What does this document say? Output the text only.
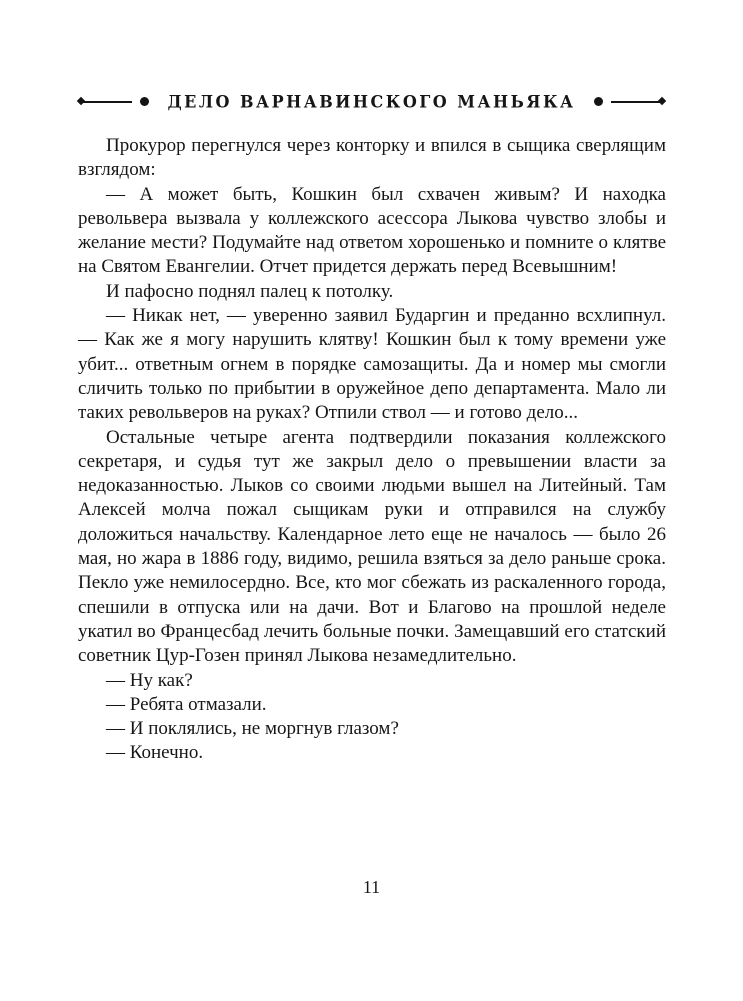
ДЕЛО ВАРНАВИНСКОГО МАНЬЯКА

Прокурор перегнулся через конторку и впился в сыщика сверлящим взглядом:

— А может быть, Кошкин был схвачен живым? И находка револьвера вызвала у коллежского асессора Лыкова чувство злобы и желание мести? Подумайте над ответом хорошенько и помните о клятве на Святом Евангелии. Отчет придется держать перед Всевышним!

И пафосно поднял палец к потолку.

— Никак нет, — уверенно заявил Бударгин и преданно всхлипнул. — Как же я могу нарушить клятву! Кошкин был к тому времени уже убит... ответным огнем в порядке самозащиты. Да и номер мы смогли сличить только по прибытии в оружейное депо департамента. Мало ли таких револьверов на руках? Отпили ствол — и готово дело...

Остальные четыре агента подтвердили показания коллежского секретаря, и судья тут же закрыл дело о превышении власти за недоказанностью. Лыков со своими людьми вышел на Литейный. Там Алексей молча пожал сыщикам руки и отправился на службу доложиться начальству. Календарное лето еще не началось — было 26 мая, но жара в 1886 году, видимо, решила взяться за дело раньше срока. Пекло уже немилосердно. Все, кто мог сбежать из раскаленного города, спешили в отпуска или на дачи. Вот и Благово на прошлой неделе укатил во Францесбад лечить больные почки. Замещавший его статский советник Цур-Гозен принял Лыкова незамедлительно.

— Ну как?

— Ребята отмазали.

— И поклялись, не моргнув глазом?

— Конечно.

11
